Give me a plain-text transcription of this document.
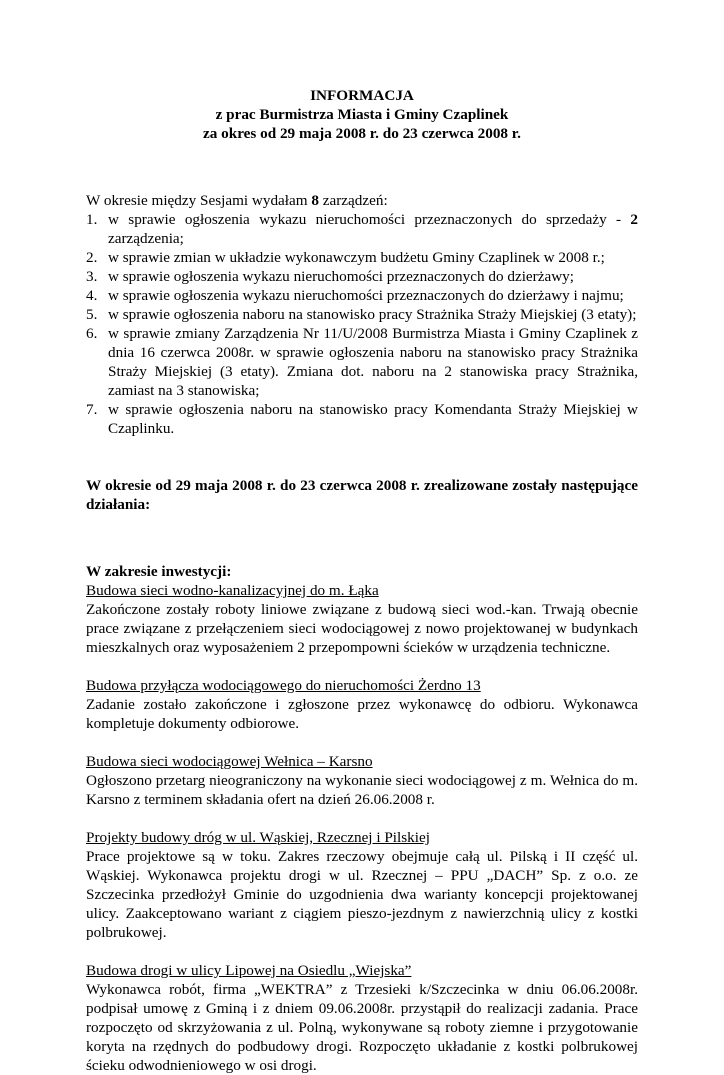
INFORMACJA
z prac Burmistrza Miasta i Gminy Czaplinek
za okres od 29 maja 2008 r. do 23 czerwca 2008 r.
W okresie między Sesjami wydałam 8 zarządzeń:
1. w sprawie ogłoszenia wykazu nieruchomości przeznaczonych do sprzedaży - 2 zarządzenia;
2. w sprawie zmian w układzie wykonawczym budżetu Gminy Czaplinek w 2008 r.;
3. w sprawie ogłoszenia wykazu nieruchomości przeznaczonych do dzierżawy;
4. w sprawie ogłoszenia wykazu nieruchomości przeznaczonych do dzierżawy i najmu;
5. w sprawie ogłoszenia naboru na stanowisko pracy Strażnika Straży Miejskiej (3 etaty);
6. w sprawie zmiany Zarządzenia Nr 11/U/2008 Burmistrza Miasta i Gminy Czaplinek z dnia 16 czerwca 2008r. w sprawie ogłoszenia naboru na stanowisko pracy Strażnika Straży Miejskiej (3 etaty). Zmiana dot. naboru na 2 stanowiska pracy Strażnika, zamiast na 3 stanowiska;
7. w sprawie ogłoszenia naboru na stanowisko pracy Komendanta Straży Miejskiej w Czaplinku.
W okresie od 29 maja 2008 r. do 23 czerwca 2008 r. zrealizowane zostały następujące działania:
W zakresie inwestycji:
Budowa sieci wodno-kanalizacyjnej do m. Łąka

Zakończone zostały roboty liniowe związane z budową sieci wod.-kan. Trwają obecnie prace związane z przełączeniem sieci wodociągowej z nowo projektowanej w budynkach mieszkalnych oraz wyposażeniem 2 przepompowni ścieków w urządzenia techniczne.

Budowa przyłącza wodociągowego do nieruchomości Żerdno 13

Zadanie zostało zakończone i zgłoszone przez wykonawcę do odbioru. Wykonawca kompletuje dokumenty odbiorowe.

Budowa sieci wodociągowej Wełnica – Karsno

Ogłoszono przetarg nieograniczony na wykonanie sieci wodociągowej z m. Wełnica do m. Karsno z terminem składania ofert na dzień 26.06.2008 r.

Projekty budowy dróg w ul. Wąskiej, Rzecznej i Pilskiej

Prace projektowe są w toku. Zakres rzeczowy obejmuje całą ul. Pilską i II część ul. Wąskiej. Wykonawca projektu drogi w ul. Rzecznej – PPU „DACH” Sp. z o.o. ze Szczecinka przedłożył Gminie do uzgodnienia dwa warianty koncepcji projektowanej ulicy. Zaakceptowano wariant z ciągiem pieszo-jezdnym z nawierzchnią ulicy z kostki polbrukowej.

Budowa drogi w ulicy Lipowej na Osiedlu „Wiejska”

Wykonawca robót, firma „WEKTRA” z Trzesieki k/Szczecinka w dniu 06.06.2008r. podpisał umowę z Gminą i z dniem 09.06.2008r. przystąpił do realizacji zadania. Prace rozpoczęto od skrzyżowania z ul. Polną, wykonywane są roboty ziemne i przygotowanie koryta na rzędnych do podbudowy drogi. Rozpoczęto układanie z kostki polbrukowej ścieku odwodnieniowego w osi drogi.
